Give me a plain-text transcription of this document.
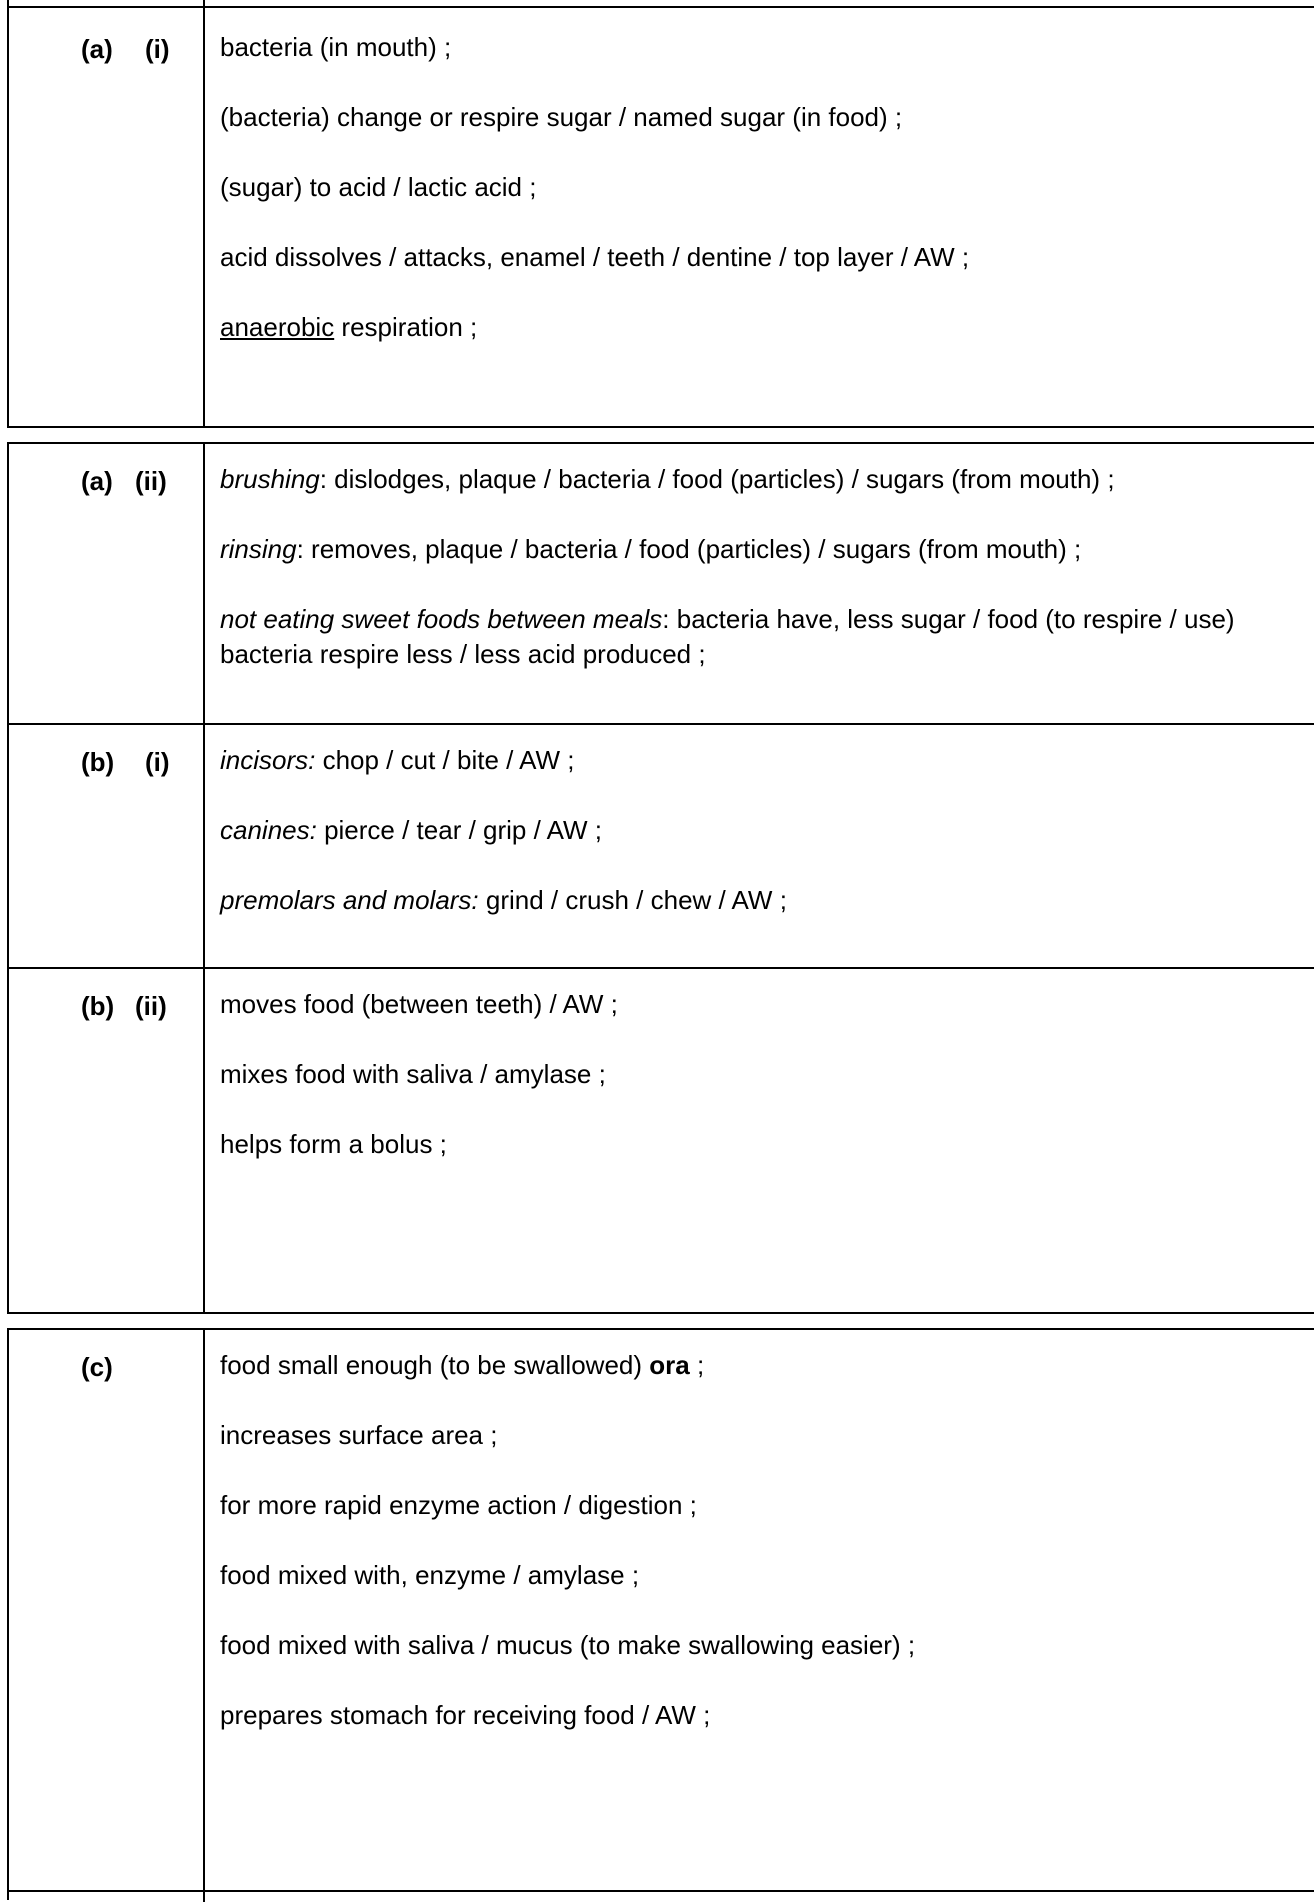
(a) (i) bacteria (in mouth) ;
(bacteria) change or respire sugar / named sugar (in food) ;
(sugar) to acid / lactic acid ;
acid dissolves / attacks, enamel / teeth / dentine / top layer / AW ;
anaerobic respiration ;
(a) (ii) brushing: dislodges, plaque / bacteria / food (particles) / sugars (from mouth) ;
rinsing: removes, plaque / bacteria / food (particles) / sugars (from mouth) ;
not eating sweet foods between meals: bacteria have, less sugar / food (to respire / use) bacteria respire less / less acid produced ;
(b) (i) incisors: chop / cut / bite / AW ;
canines: pierce / tear / grip / AW ;
premolars and molars: grind / crush / chew / AW ;
(b) (ii) moves food (between teeth) / AW ;
mixes food with saliva / amylase ;
helps form a bolus ;
(c)	food small enough (to be swallowed) ora ;
increases surface area ;
for more rapid enzyme action / digestion ;
food mixed with, enzyme / amylase ;
food mixed with saliva / mucus (to make swallowing easier) ;
prepares stomach for receiving food / AW ;
